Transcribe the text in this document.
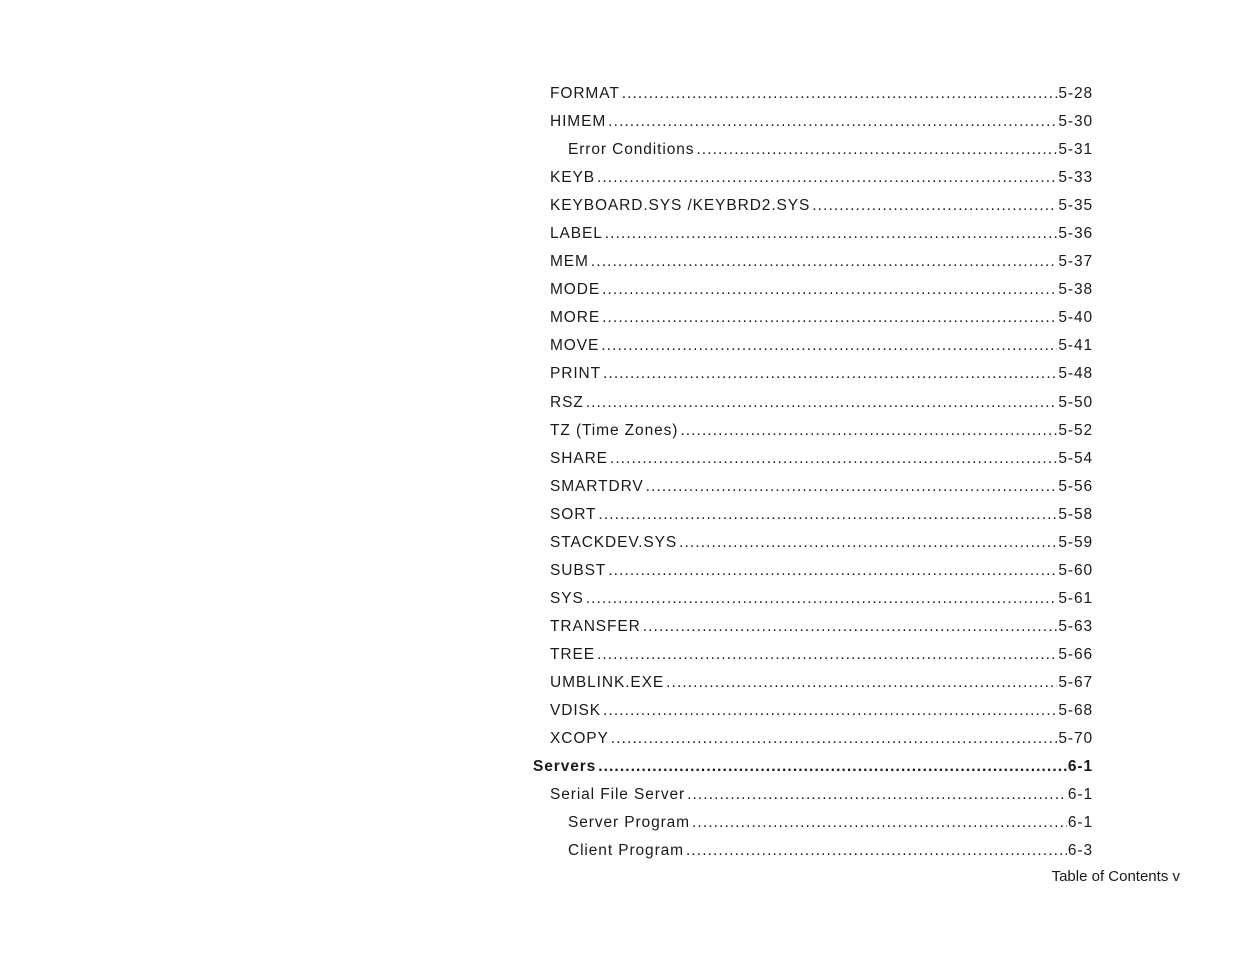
FORMAT .....	5-28
HIMEM .....	5-30
Error Conditions .....	5-31
KEYB .....	5-33
KEYBOARD.SYS /KEYBRD2.SYS .....	5-35
LABEL .....	5-36
MEM .....	5-37
MODE .....	5-38
MORE .....	5-40
MOVE .....	5-41
PRINT .....	5-48
RSZ .....	5-50
TZ (Time Zones) .....	5-52
SHARE .....	5-54
SMARTDRV .....	5-56
SORT .....	5-58
STACKDEV.SYS .....	5-59
SUBST .....	5-60
SYS .....	5-61
TRANSFER .....	5-63
TREE .....	5-66
UMBLINK.EXE .....	5-67
VDISK .....	5-68
XCOPY .....	5-70
Servers .....	6-1
Serial File Server .....	6-1
Server Program .....	6-1
Client Program .....	6-3
Table of Contents v
